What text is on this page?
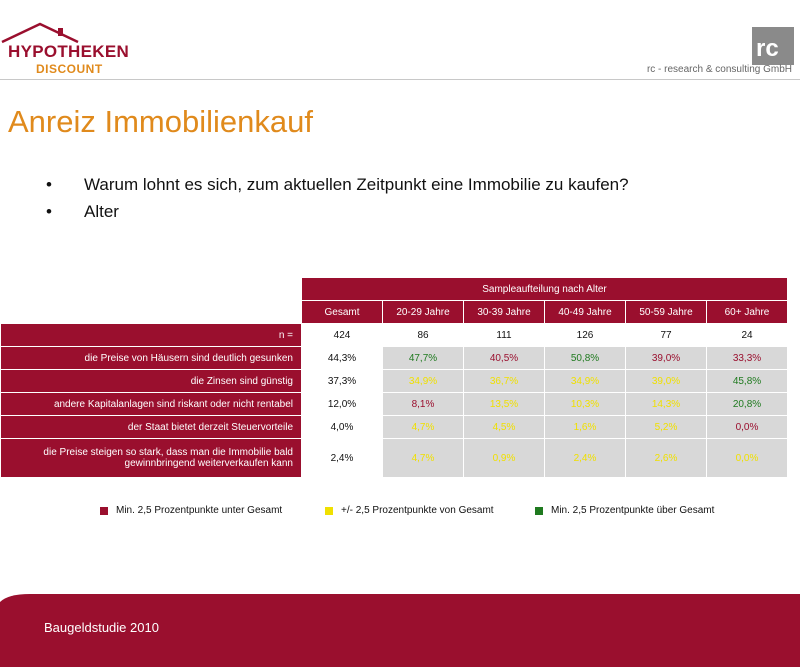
HYPOTHEKEN
DISCOUNT
rc
rc - research & consulting GmbH
Anreiz Immobilienkauf
•	Warum lohnt es sich, zum aktuellen Zeitpunkt eine Immobilie zu kaufen?
•	Alter
	Sampleaufteilung nach Alter					
	Gesamt	20-29 Jahre	30-39 Jahre	40-49 Jahre	50-59 Jahre	60+ Jahre
n =	424	86	111	126	77	24
die Preise von Häusern sind deutlich gesunken	44,3%	47,7%	40,5%	50,8%	39,0%	33,3%
die Zinsen sind günstig	37,3%	34,9%	36,7%	34,9%	39,0%	45,8%
andere Kapitalanlagen sind riskant oder nicht rentabel	12,0%	8,1%	13,5%	10,3%	14,3%	20,8%
der Staat bietet derzeit Steuervorteile	4,0%	4,7%	4,5%	1,6%	5,2%	0,0%
die Preise steigen so stark, dass man die Immobilie bald
gewinnbringend weiterverkaufen kann	2,4%	4,7%	0,9%	2,4%	2,6%	0,0%
Min. 2,5 Prozentpunkte unter Gesamt	+/- 2,5 Prozentpunkte von Gesamt	Min. 2,5 Prozentpunkte über Gesamt
Baugeldstudie 2010
